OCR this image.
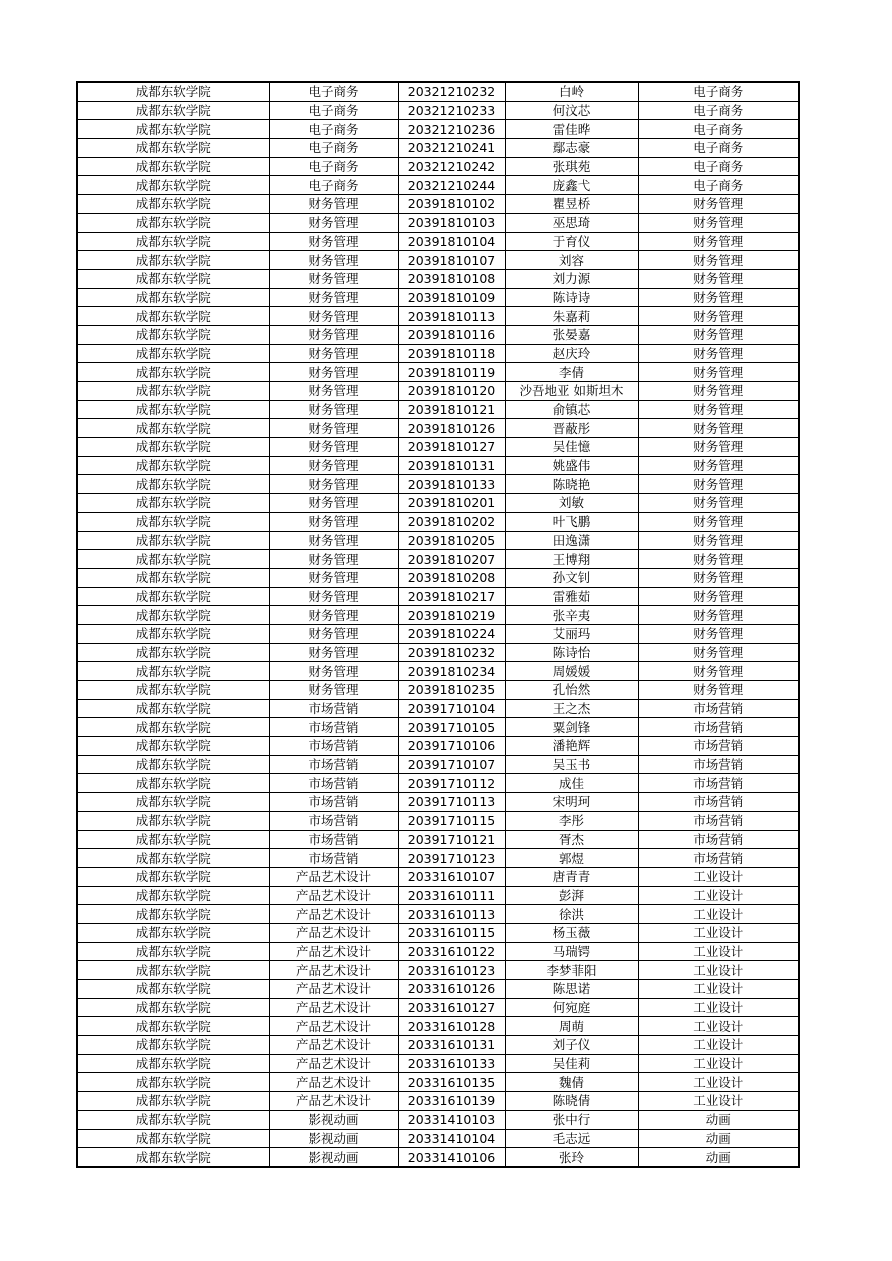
成都东软学院	电子商务	20321210232	白岭	电子商务
成都东软学院	电子商务	20321210233	何汶芯	电子商务
成都东软学院	电子商务	20321210236	雷佳晔	电子商务
成都东软学院	电子商务	20321210241	鄢志豪	电子商务
成都东软学院	电子商务	20321210242	张琪苑	电子商务
成都东软学院	电子商务	20321210244	庞鑫弋	电子商务
成都东软学院	财务管理	20391810102	瞿昱桥	财务管理
成都东软学院	财务管理	20391810103	巫思琦	财务管理
成都东软学院	财务管理	20391810104	于育仪	财务管理
成都东软学院	财务管理	20391810107	刘容	财务管理
成都东软学院	财务管理	20391810108	刘力源	财务管理
成都东软学院	财务管理	20391810109	陈诗诗	财务管理
成都东软学院	财务管理	20391810113	朱嘉莉	财务管理
成都东软学院	财务管理	20391810116	张晏嘉	财务管理
成都东软学院	财务管理	20391810118	赵庆玲	财务管理
成都东软学院	财务管理	20391810119	李倩	财务管理
成都东软学院	财务管理	20391810120	沙吾地亚 如斯坦木	财务管理
成都东软学院	财务管理	20391810121	俞镇芯	财务管理
成都东软学院	财务管理	20391810126	晋蔽彤	财务管理
成都东软学院	财务管理	20391810127	吴佳憶	财务管理
成都东软学院	财务管理	20391810131	姚盛伟	财务管理
成都东软学院	财务管理	20391810133	陈晓艳	财务管理
成都东软学院	财务管理	20391810201	刘敏	财务管理
成都东软学院	财务管理	20391810202	叶飞鹏	财务管理
成都东软学院	财务管理	20391810205	田逸潇	财务管理
成都东软学院	财务管理	20391810207	王博翔	财务管理
成都东软学院	财务管理	20391810208	孙文钊	财务管理
成都东软学院	财务管理	20391810217	雷雅茹	财务管理
成都东软学院	财务管理	20391810219	张辛夷	财务管理
成都东软学院	财务管理	20391810224	艾丽玛	财务管理
成都东软学院	财务管理	20391810232	陈诗怡	财务管理
成都东软学院	财务管理	20391810234	周媛媛	财务管理
成都东软学院	财务管理	20391810235	孔怡然	财务管理
成都东软学院	市场营销	20391710104	王之杰	市场营销
成都东软学院	市场营销	20391710105	粟剑锋	市场营销
成都东软学院	市场营销	20391710106	潘艳辉	市场营销
成都东软学院	市场营销	20391710107	吴玉书	市场营销
成都东软学院	市场营销	20391710112	成佳	市场营销
成都东软学院	市场营销	20391710113	宋明珂	市场营销
成都东软学院	市场营销	20391710115	李彤	市场营销
成都东软学院	市场营销	20391710121	胥杰	市场营销
成都东软学院	市场营销	20391710123	郭煜	市场营销
成都东软学院	产品艺术设计	20331610107	唐青青	工业设计
成都东软学院	产品艺术设计	20331610111	彭湃	工业设计
成都东软学院	产品艺术设计	20331610113	徐洪	工业设计
成都东软学院	产品艺术设计	20331610115	杨玉薇	工业设计
成都东软学院	产品艺术设计	20331610122	马瑞锷	工业设计
成都东软学院	产品艺术设计	20331610123	李梦菲阳	工业设计
成都东软学院	产品艺术设计	20331610126	陈思诺	工业设计
成都东软学院	产品艺术设计	20331610127	何宛庭	工业设计
成都东软学院	产品艺术设计	20331610128	周萌	工业设计
成都东软学院	产品艺术设计	20331610131	刘子仪	工业设计
成都东软学院	产品艺术设计	20331610133	吴佳莉	工业设计
成都东软学院	产品艺术设计	20331610135	魏倩	工业设计
成都东软学院	产品艺术设计	20331610139	陈晓倩	工业设计
成都东软学院	影视动画	20331410103	张中行	动画
成都东软学院	影视动画	20331410104	毛志远	动画
成都东软学院	影视动画	20331410106	张玲	动画
